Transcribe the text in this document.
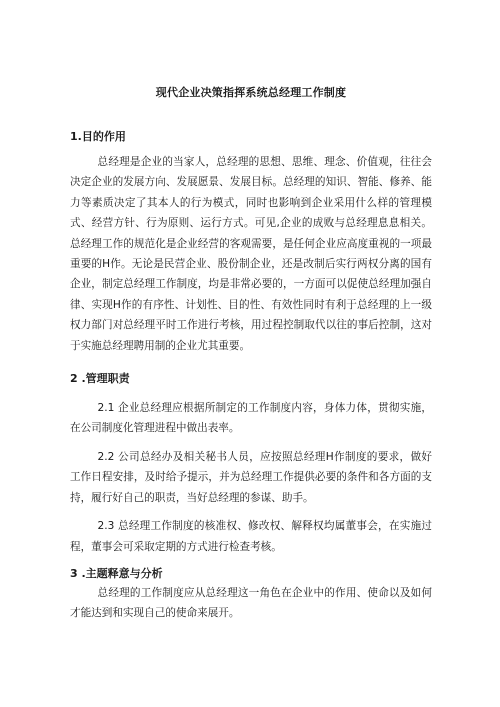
现代企业决策指挥系统总经理工作制度
1.目的作用

总经理是企业的当家人，总经理的思想、思维、理念、价值观，往往会决定企业的发展方向、发展愿景、发展目标。总经理的知识、智能、修养、能力等素质决定了其本人的行为模式，同时也影响到企业采用什么样的管理模式、经营方针、行为原则、运行方式。可见,企业的成败与总经理息息相关。总经理工作的规范化是企业经营的客观需要，是任何企业应高度重视的一项最重要的H作。无论是民营企业、股份制企业，还是改制后实行两权分离的国有企业，制定总经理工作制度，均是非常必要的，一方面可以促使总经理加强自律、实现H作的有序性、计划性、目的性、有效性同时有利于总经理的上一级权力部门对总经理平时工作进行考核，用过程控制取代以往的事后控制，这对于实施总经理聘用制的企业尤其重要。

2 .管理职责

2.1 企业总经理应根据所制定的工作制度内容，身体力体，贯彻实施，在公司制度化管理进程中做出表率。

2.2 公司总经办及相关秘书人员，应按照总经理H作制度的要求，做好工作日程安排，及时给予提示，并为总经理工作提供必要的条件和各方面的支持，履行好自己的职责，当好总经理的参谋、助手。

2.3 总经理工作制度的核准权、修改权、解释权均属董事会，在实施过程，董事会可采取定期的方式进行检查考核。

3 .主题释意与分析

总经理的工作制度应从总经理这一角色在企业中的作用、使命以及如何才能达到和实现自己的使命来展开。
